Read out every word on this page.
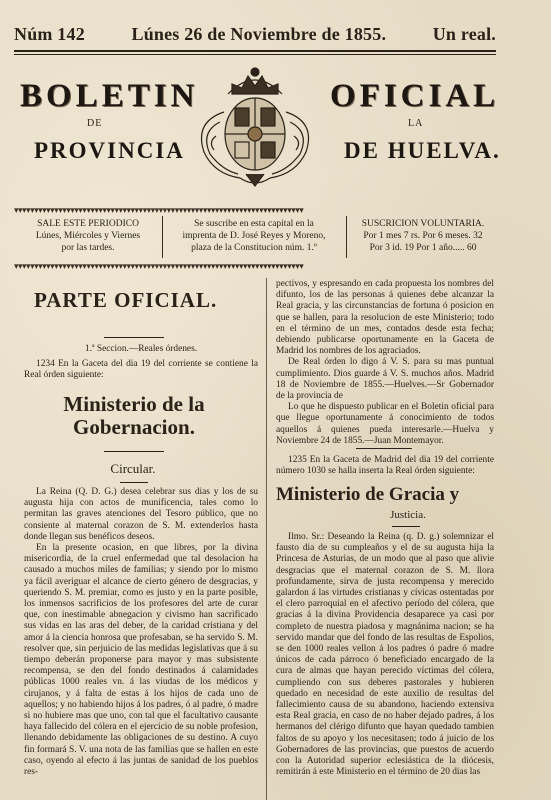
Núm 142	Lúnes 26 de Noviembre de 1855.	Un real.
BOLETIN	OFICIAL
DE	LA
PROVINCIA	DE HUELVA.
▾▾▾▾▾▾▾▾▾▾▾▾▾▾▾▾▾▾▾▾▾▾▾▾▾▾▾▾▾▾▾▾▾▾▾▾▾▾▾▾▾▾▾▾▾▾▾▾▾▾▾▾▾▾▾▾▾▾▾▾▾▾▾▾▾▾▾▾▾▾▾▾
▾▾▾▾▾▾▾▾▾▾▾▾▾▾▾▾▾▾▾▾▾▾▾▾▾▾▾▾▾▾▾▾▾▾▾▾▾▾▾▾▾▾▾▾▾▾▾▾▾▾▾▾▾▾▾▾▾▾▾▾▾▾▾▾▾▾▾▾▾▾▾▾
SALE ESTE PERIODICO
Lúnes, Miércoles y Viernes
por las tardes.
Se suscribe en esta capital en la
imprenta de D. José Reyes y Moreno,
plaza de la Constitucion núm. 1.º
SUSCRICION VOLUNTARIA.
Por 1 mes 7 rs. Por 6 meses. 32
Por 3 id. 19 Por 1 año..... 60
PARTE OFICIAL.

1.ª Seccion.—Reales órdenes.

1234 En la Gaceta del dia 19 del corriente se contiene la Real órden siguiente:

Ministerio de la Gobernacion.
Circular.

La Reina (Q. D. G.) desea celebrar sus dias y los de su augusta hija con actos de munificencia, tales como lo permitan las graves atenciones del Tesoro público, que no consiente al maternal corazon de S. M. extenderlos hasta donde llegan sus benéficos deseos.

En la presente ocasion, en que libres, por la divina misericordia, de la cruel enfermedad que tal desolacion ha causado a muchos miles de familias; y siendo por lo mismo ya fácil averiguar el alcance de cierto género de desgracias, y queriendo S. M. premiar, como es justo y en la parte posible, los inmensos sacrificios de los profesores del arte de curar que, con inestimable abnegacion y civismo han sacrificado sus vidas en las aras del deber, de la caridad cristiana y del amor á la ciencia honrosa que profesaban, se ha servido S. M. resolver que, sin perjuicio de las medidas legislativas que á su tiempo deberán proponerse para mayor y mas subsistente recompensa, se den del fondo destinados á calamidades públicas 1000 reales vn. á las viudas de los médicos y cirujanos, y á falta de estas á los hijos de cada uno de aquellos; y no habiendo hijos á los padres, ó al padre, ó madre si no hubiere mas que uno, con tal que el facultativo causante haya fallecido del cólera en el ejercicio de su noble profesion, llenando debidamente las obligaciones de su destino. A cuyo fin formará S. V. una nota de las familias que se hallen en este caso, oyendo al efecto á las juntas de sanidad de los pueblos res-

pectivos, y espresando en cada propuesta los nombres del difunto, los de las personas á quienes debe alcanzar la Real gracia, y las circunstancias de fortuna ó posicion en que se hallen, para la resolucion de este Ministerio; todo en el término de un mes, contados desde esta fecha; debiendo publicarse oportunamente en la Gaceta de Madrid los nombres de los agraciados.

De Real órden lo digo á V. S. para su mas puntual cumplimiento. Dios guarde á V. S. muchos años. Madrid 18 de Noviembre de 1855.—Huelves.—Sr Gobernador de la provincia de

Lo que he dispuesto publicar en el Boletin oficial para que llegue oportunamente á conocimiento de todos aquellos á quienes pueda interesarle.—Huelva y Noviembre 24 de 1855.—Juan Montemayor.

1235 En la Gaceta de Madrid del dia 19 del corriente número 1030 se halla inserta la Real órden siguiente:

Ministerio de Gracia y
Justicia.

Ilmo. Sr.: Deseando la Reina (q. D. g.) solemnizar el fausto dia de su cumpleaños y el de su augusta hija la Princesa de Asturias, de un modo que al paso que alivie desgracias que el maternal corazon de S. M. llora profundamente, sirva de justa recompensa y merecido galardon á las virtudes cristianas y cívicas ostentadas por el clero parroquial en el afectivo período del cólera, que gracias á la divina Providencia desaparece ya casi por completo de nuestra piadosa y magnánima nacion; se ha servido mandar que del fondo de las resultas de Espolios, se den 1000 reales vellon á los padres ó padre ó madre únicos de cada párroco ó beneficiado encargado de la cura de almas que hayan perecido víctimas del cólera, cumpliendo con sus deberes pastorales y hubieren quedado en necesidad de este auxilio de resultas del fallecimiento causa de su abandono, haciendo extensiva esta Real gracia, en caso de no haber dejado padres, á los hermanos del clérigo difunto que hayan quedado tambien faltos de su apoyo y los necesitasen; todo á juicio de los Gobernadores de las provincias, que puestos de acuerdo con la Autoridad superior eclesiástica de la diócesis, remitirán á este Ministerio en el término de 20 dias las
